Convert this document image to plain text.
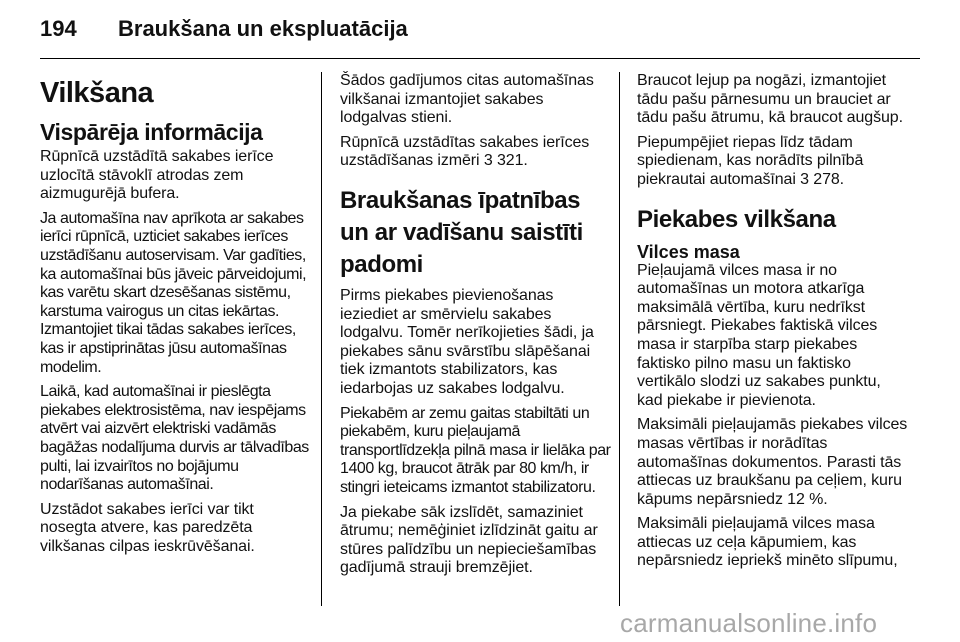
194 Braukšana un ekspluatācija
Vilkšana
Vispārēja informācija

Rūpnīcā uzstādītā sakabes ierīce uzlocītā stāvoklī atrodas zem aizmugurējā bufera.

Ja automašīna nav aprīkota ar sakabes ierīci rūpnīcā, uzticiet sakabes ierīces uzstādīšanu autoservisam. Var gadīties, ka automašīnai būs jāveic pārveidojumi, kas varētu skart dzesēšanas sistēmu, karstuma vairogus un citas iekārtas. Izmantojiet tikai tādas sakabes ierīces, kas ir apstiprinātas jūsu automašīnas modelim.

Laikā, kad automašīnai ir pieslēgta piekabes elektrosistēma, nav iespējams atvērt vai aizvērt elektriski vadāmās bagāžas nodalījuma durvis ar tālvadības pulti, lai izvairītos no bojājumu nodarīšanas automašīnai.

Uzstādot sakabes ierīci var tikt nosegta atvere, kas paredzēta vilkšanas cilpas ieskrūvēšanai.

Šādos gadījumos citas automašīnas vilkšanai izmantojiet sakabes lodgalvas stieni.

Rūpnīcā uzstādītas sakabes ierīces uzstādīšanas izmēri 3 321.

Braukšanas īpatnības un ar vadīšanu saistīti padomi

Pirms piekabes pievienošanas ieziediet ar smērvielu sakabes lodgalvu. Tomēr nerīkojieties šādi, ja piekabes sānu svārstību slāpēšanai tiek izmantots stabilizators, kas iedarbojas uz sakabes lodgalvu.

Piekabēm ar zemu gaitas stabiltāti un piekabēm, kuru pieļaujamā transportlīdzekļa pilnā masa ir lielāka par 1400 kg, braucot ātrāk par 80 km/h, ir stingri ieteicams izmantot stabilizatoru.

Ja piekabe sāk izslīdēt, samaziniet ātrumu; nemēģiniet izlīdzināt gaitu ar stūres palīdzību un nepieciešamības gadījumā strauji bremzējiet.

Braucot lejup pa nogāzi, izmantojiet tādu pašu pārnesumu un brauciet ar tādu pašu ātrumu, kā braucot augšup.

Piepumpējiet riepas līdz tādam spiedienam, kas norādīts pilnībā piekrautai automašīnai 3 278.

Piekabes vilkšana
Vilces masa

Pieļaujamā vilces masa ir no automašīnas un motora atkarīga maksimālā vērtība, kuru nedrīkst pārsniegt. Piekabes faktiskā vilces masa ir starpība starp piekabes faktisko pilno masu un faktisko vertikālo slodzi uz sakabes punktu, kad piekabe ir pievienota.

Maksimāli pieļaujamās piekabes vilces masas vērtības ir norādītas automašīnas dokumentos. Parasti tās attiecas uz braukšanu pa ceļiem, kuru kāpums nepārsniedz 12 %.

Maksimāli pieļaujamā vilces masa attiecas uz ceļa kāpumiem, kas nepārsniedz iepriekš minēto slīpumu,

carmanualsonline.info
